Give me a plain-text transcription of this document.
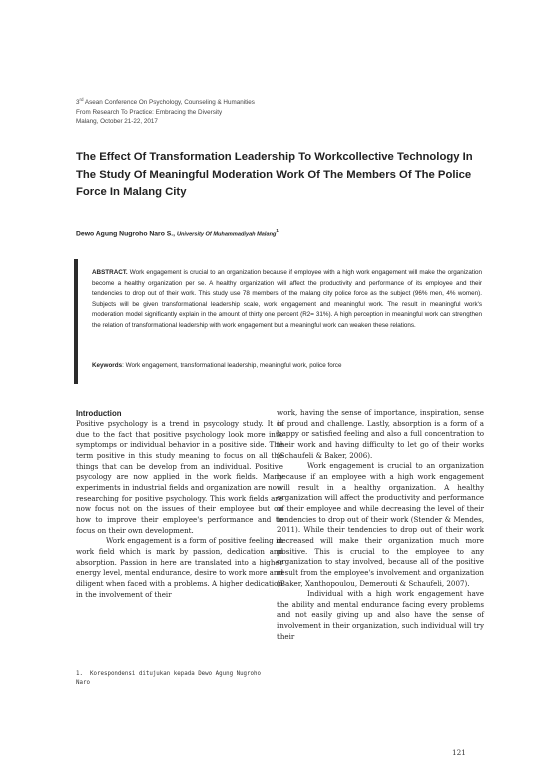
3rd Asean Conference On Psychology, Counseling & Humanities
From Research To Practice: Embracing the Diversity
Malang, October 21-22, 2017
The Effect Of Transformation Leadership To Workcollective Technology In The Study Of Meaningful Moderation Work Of The Members Of The Police Force In Malang City
Dewo Agung Nugroho Naro S., University Of Muhammadiyah Malang$^1$
ABSTRACT. Work engagement is crucial to an organization because if employee with a high work engagement will make the organization become a healthy organization per se. A healthy organization will affect the productivity and performance of its employee and their tendencies to drop out of their work. This study use 78 members of the malang city police force as the subject (96% men, 4% women). Subjects will be given transformational leadership scale, work engagement and meaningful work. The result in meaningful work's moderation model significantly explain in the amount of thirty one percent (R2= 31%). A high perception in meaningful work can strengthen the relation of transformational leadership with work engagement but a meaningful work can weaken these relations.
Keywords: Work engagement, transformational leadership, meaningful work, police force

Introduction

Positive psychology is a trend in psycology study. It is due to the fact that positive psychology look more into symptomps or individual behavior in a positive side. The term positive in this study meaning to focus on all the things that can be develop from an individual. Positive psycology are now applied in the work fields. Many experiments in industrial fields and organization are now researching for positive psychology. This work fields are now focus not on the issues of their employee but on how to improve their employee's performance and to focus on their own development.

Work engagement is a form of positive feeling in work field which is mark by passion, dedication and absorption. Passion in here are translated into a higher energy level, mental endurance, desire to work more and diligent when faced with a problems. A higher dedication in the involvement of their

work, having the sense of importance, inspiration, sense of proud and challenge. Lastly, absorption is a form of a happy or satisfied feeling and also a full concentration to their work and having difficulty to let go of their works (Schaufeli & Baker, 2006).

Work engagement is crucial to an organization because if an employee with a high work engagement will result in a healthy organization. A healthy organization will affect the productivity and performance of their employee and while decreasing the level of their tendencies to drop out of their work (Stender & Mendes, 2011). While their tendencies to drop out of their work decreased will make their organization much more positive. This is crucial to the employee to any organization to stay involved, because all of the positive result from the employee's involvement and organization (Baker, Xanthopoulou, Demerouti & Schaufeli, 2007).

Individual with a high work engagement have the ability and mental endurance facing every problems and not easily giving up and also have the sense of involvement in their organization, such individual will try their

1. Korespondensi ditujukan kepada Dewo Agung Nugroho Naro
121
